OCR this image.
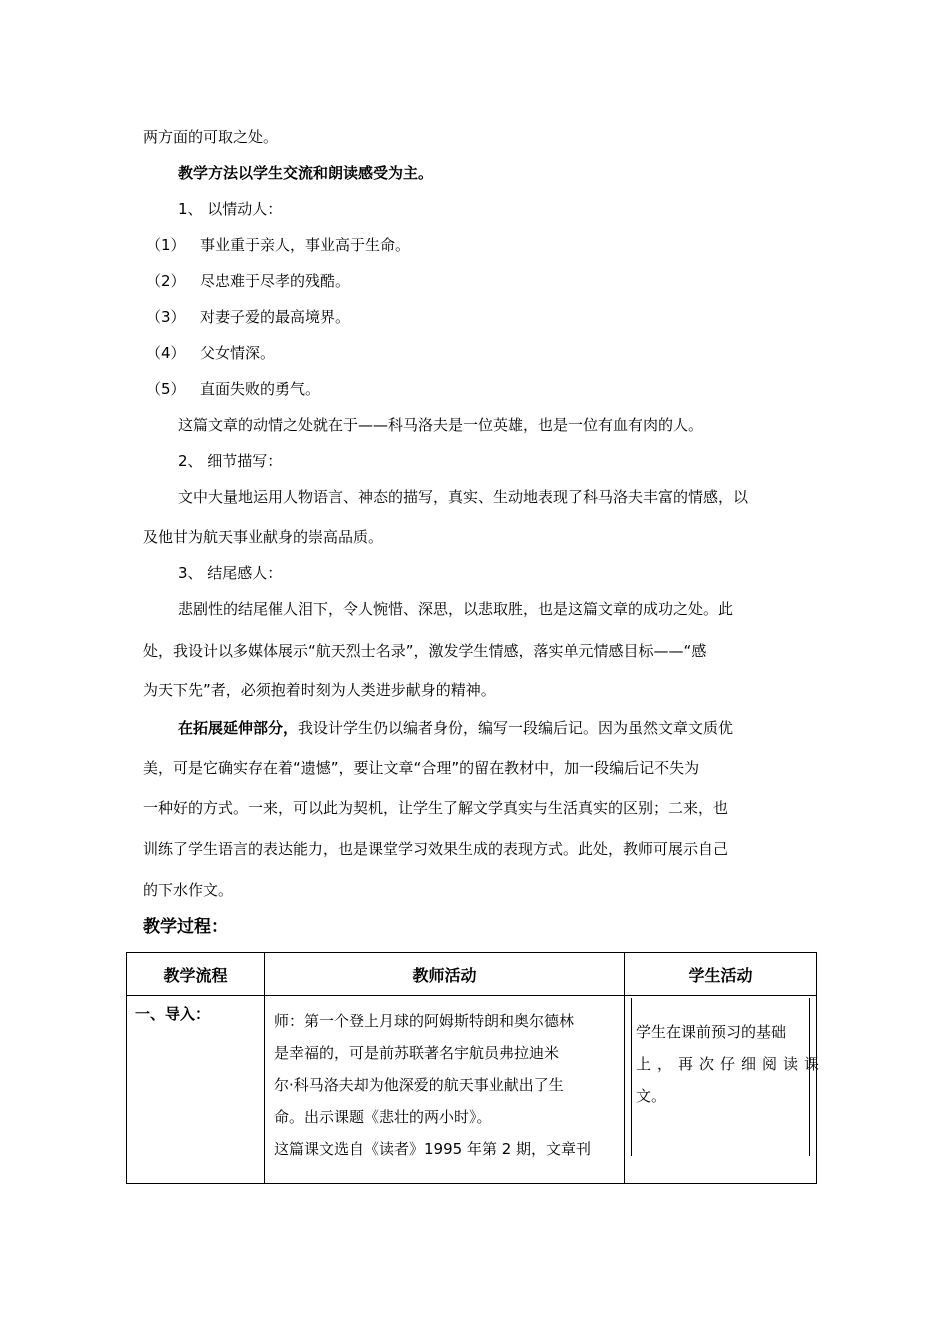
两方面的可取之处。
教学方法以学生交流和朗读感受为主。
1、 以情动人：
（1） 事业重于亲人，事业高于生命。
（2） 尽忠难于尽孝的残酷。
（3） 对妻子爱的最高境界。
（4） 父女情深。
（5） 直面失败的勇气。
这篇文章的动情之处就在于——科马洛夫是一位英雄，也是一位有血有肉的人。
2、 细节描写：
文中大量地运用人物语言、神态的描写，真实、生动地表现了科马洛夫丰富的情感，以
及他甘为航天事业献身的崇高品质。
3、 结尾感人：
悲剧性的结尾催人泪下，令人惋惜、深思，以悲取胜，也是这篇文章的成功之处。此
处，我设计以多媒体展示“航天烈士名录”，激发学生情感，落实单元情感目标——“感
为天下先”者，必须抱着时刻为人类进步献身的精神。
在拓展延伸部分，我设计学生仍以编者身份，编写一段编后记。因为虽然文章文质优
美，可是它确实存在着“遗憾”，要让文章“合理”的留在教材中，加一段编后记不失为
一种好的方式。一来，可以此为契机，让学生了解文学真实与生活真实的区别；二来，也
训练了学生语言的表达能力，也是课堂学习效果生成的表现方式。此处，教师可展示自己
的下水作文。
教学过程：
教学流程	教师活动	学生活动
一、导入：	师：第一个登上月球的阿姆斯特朗和奥尔德林
是幸福的，可是前苏联著名宇航员弗拉迪米
尔·科马洛夫却为他深爱的航天事业献出了生
命。出示课题《悲壮的两小时》。
这篇课文选自《读者》1995 年第 2 期，文章刊	学生在课前预习的基础
上，再次仔细阅读课
文。
